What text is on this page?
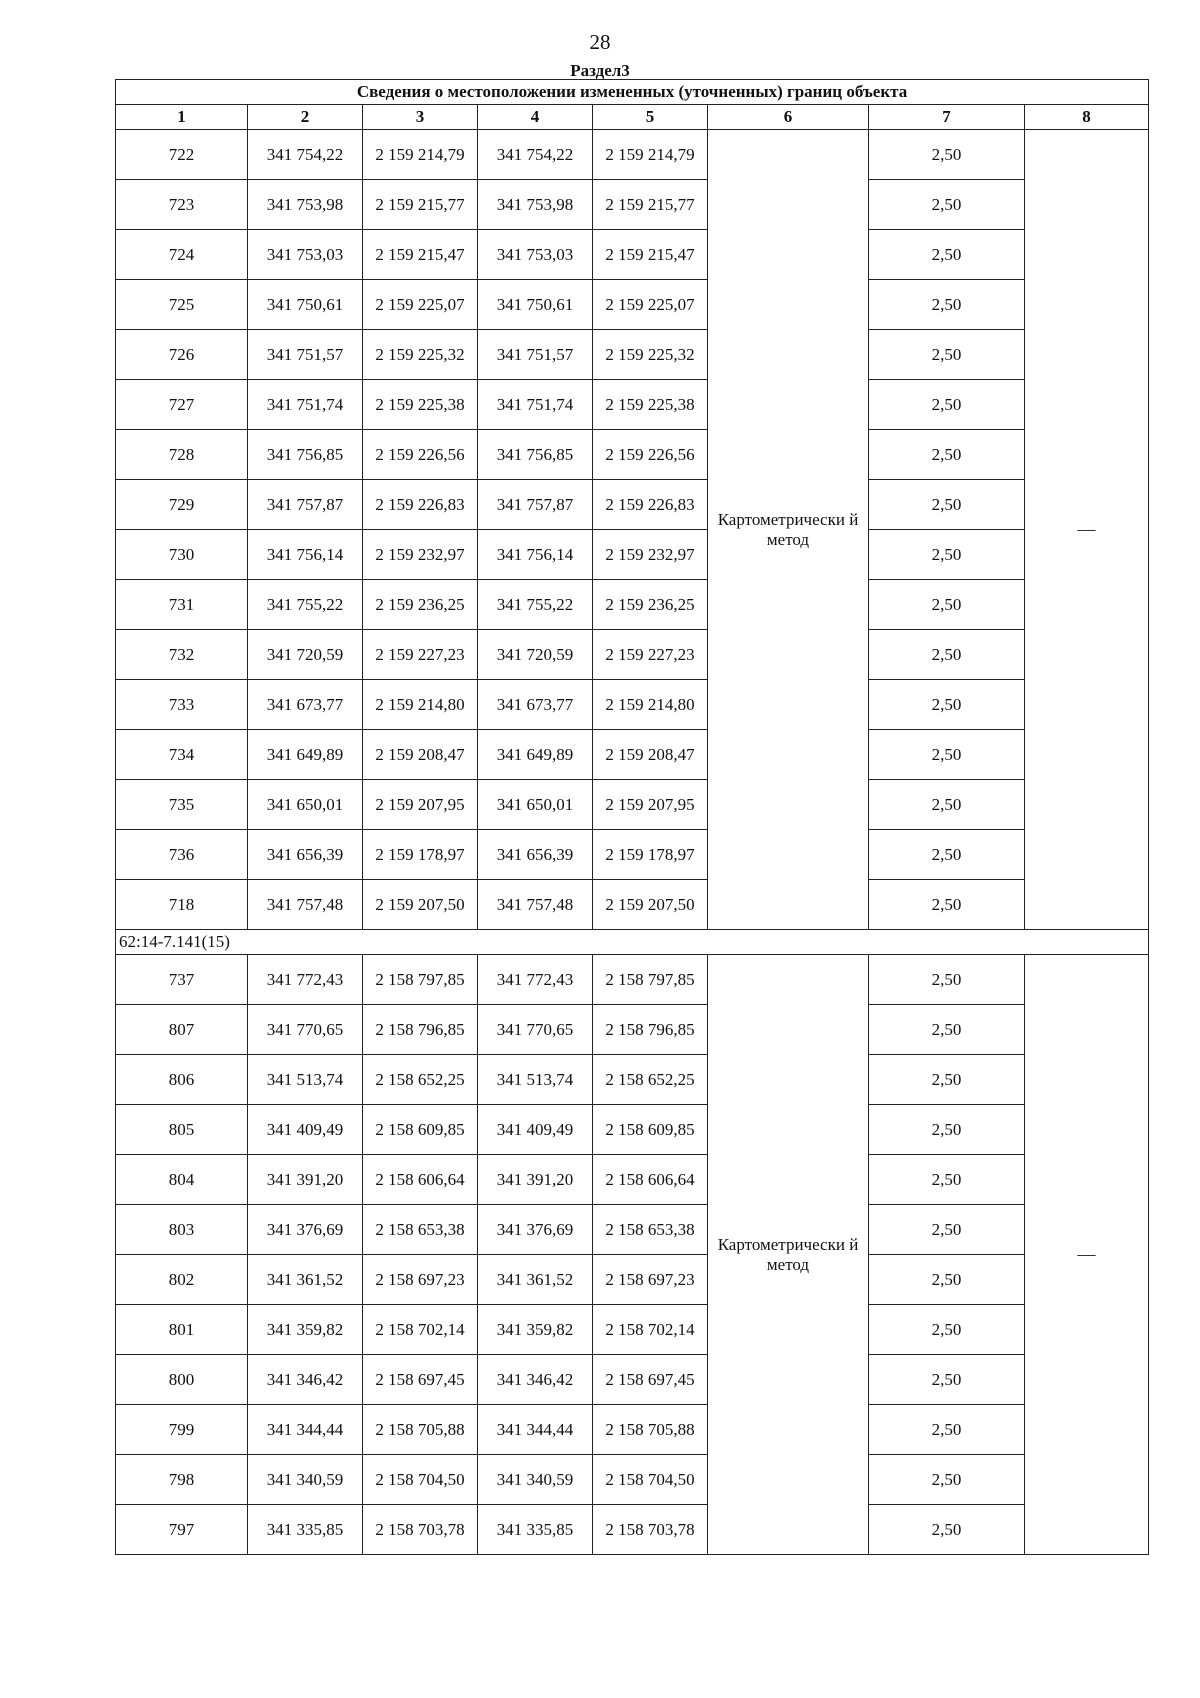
28
Раздел3
Сведения о местоположении измененных (уточненных) границ объекта							
1	2	3	4	5	6	7	8
722	341 754,22	2 159 214,79	341 754,22	2 159 214,79	Картометрически й метод	2,50	—
723	341 753,98	2 159 215,77	341 753,98	2 159 215,77		2,50	
724	341 753,03	2 159 215,47	341 753,03	2 159 215,47		2,50	
725	341 750,61	2 159 225,07	341 750,61	2 159 225,07		2,50	
726	341 751,57	2 159 225,32	341 751,57	2 159 225,32		2,50	
727	341 751,74	2 159 225,38	341 751,74	2 159 225,38		2,50	
728	341 756,85	2 159 226,56	341 756,85	2 159 226,56		2,50	
729	341 757,87	2 159 226,83	341 757,87	2 159 226,83		2,50	
730	341 756,14	2 159 232,97	341 756,14	2 159 232,97		2,50	
731	341 755,22	2 159 236,25	341 755,22	2 159 236,25		2,50	
732	341 720,59	2 159 227,23	341 720,59	2 159 227,23		2,50	
733	341 673,77	2 159 214,80	341 673,77	2 159 214,80		2,50	
734	341 649,89	2 159 208,47	341 649,89	2 159 208,47		2,50	
735	341 650,01	2 159 207,95	341 650,01	2 159 207,95		2,50	
736	341 656,39	2 159 178,97	341 656,39	2 159 178,97		2,50	
718	341 757,48	2 159 207,50	341 757,48	2 159 207,50		2,50	
62:14-7.141(15)							
737	341 772,43	2 158 797,85	341 772,43	2 158 797,85	Картометрически й метод	2,50	—
807	341 770,65	2 158 796,85	341 770,65	2 158 796,85		2,50	
806	341 513,74	2 158 652,25	341 513,74	2 158 652,25		2,50	
805	341 409,49	2 158 609,85	341 409,49	2 158 609,85		2,50	
804	341 391,20	2 158 606,64	341 391,20	2 158 606,64		2,50	
803	341 376,69	2 158 653,38	341 376,69	2 158 653,38		2,50	
802	341 361,52	2 158 697,23	341 361,52	2 158 697,23		2,50	
801	341 359,82	2 158 702,14	341 359,82	2 158 702,14		2,50	
800	341 346,42	2 158 697,45	341 346,42	2 158 697,45		2,50	
799	341 344,44	2 158 705,88	341 344,44	2 158 705,88		2,50	
798	341 340,59	2 158 704,50	341 340,59	2 158 704,50		2,50	
797	341 335,85	2 158 703,78	341 335,85	2 158 703,78		2,50	
